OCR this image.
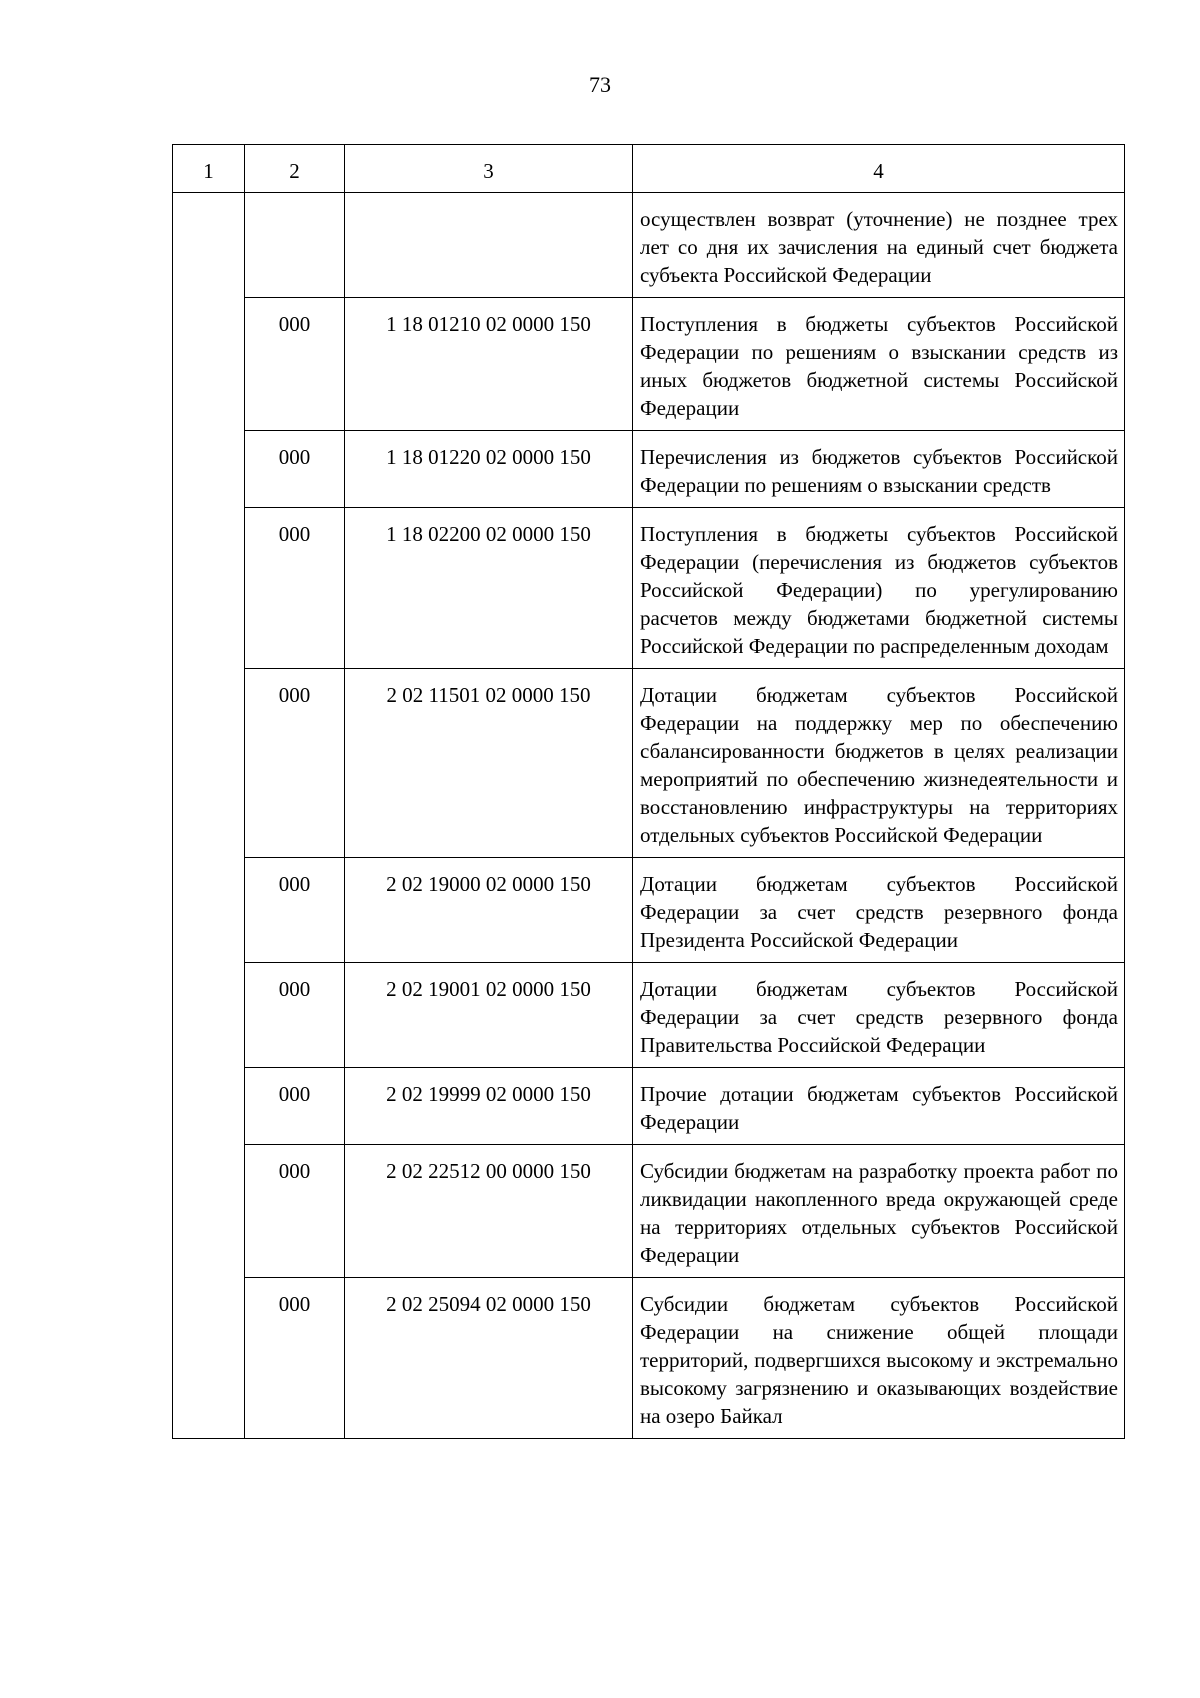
73
1	2	3	4
			осуществлен возврат (уточнение) не позднее трех лет со дня их зачисления на единый счет бюджета субъекта Российской Федерации
	000	1 18 01210 02 0000 150	Поступления в бюджеты субъектов Российской Федерации по решениям о взыскании средств из иных бюджетов бюджетной системы Российской Федерации
	000	1 18 01220 02 0000 150	Перечисления из бюджетов субъектов Российской Федерации по решениям о взыскании средств
	000	1 18 02200 02 0000 150	Поступления в бюджеты субъектов Российской Федерации (перечисления из бюджетов субъектов Российской Федерации) по урегулированию расчетов между бюджетами бюджетной системы Российской Федерации по распределенным доходам
	000	2 02 11501 02 0000 150	Дотации бюджетам субъектов Российской Федерации на поддержку мер по обеспечению сбалансированности бюджетов в целях реализации мероприятий по обеспечению жизнедеятельности и восстановлению инфраструктуры на территориях отдельных субъектов Российской Федерации
	000	2 02 19000 02 0000 150	Дотации бюджетам субъектов Российской Федерации за счет средств резервного фонда Президента Российской Федерации
	000	2 02 19001 02 0000 150	Дотации бюджетам субъектов Российской Федерации за счет средств резервного фонда Правительства Российской Федерации
	000	2 02 19999 02 0000 150	Прочие дотации бюджетам субъектов Российской Федерации
	000	2 02 22512 00 0000 150	Субсидии бюджетам на разработку проекта работ по ликвидации накопленного вреда окружающей среде на территориях отдельных субъектов Российской Федерации
	000	2 02 25094 02 0000 150	Субсидии бюджетам субъектов Российской Федерации на снижение общей площади территорий, подвергшихся высокому и экстремально высокому загрязнению и оказывающих воздействие на озеро Байкал
